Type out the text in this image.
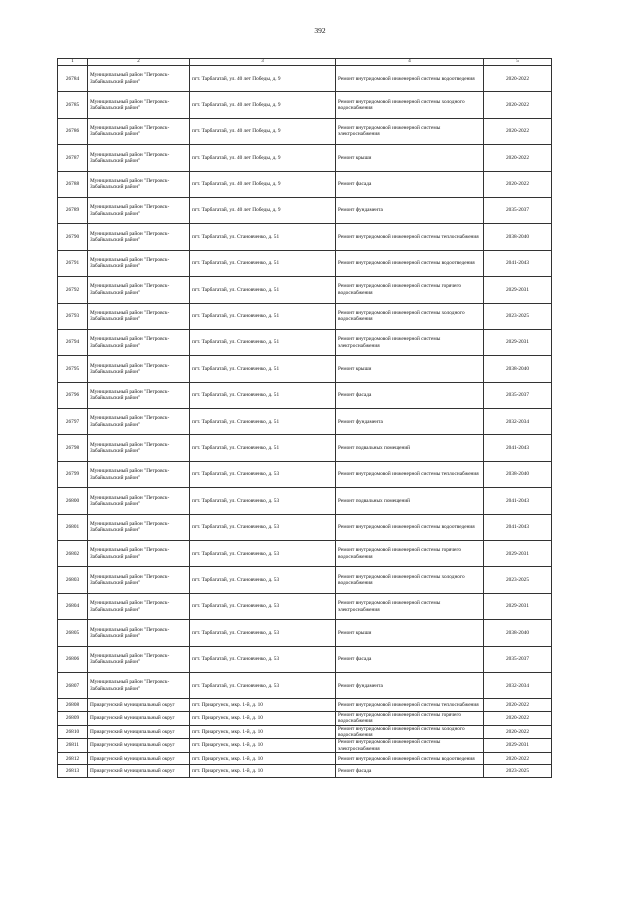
392
1	2	3	4	5
26784	Муниципальный район "Петровск-Забайкальский район"	пгт. Тарбагатай, ул. 40 лет Победы, д. 9	Ремонт внутридомовой инженерной системы водоотведения	2020-2022
26785	Муниципальный район "Петровск-Забайкальский район"	пгт. Тарбагатай, ул. 40 лет Победы, д. 9	Ремонт внутридомовой инженерной системы холодного водоснабжения	2020-2022
26786	Муниципальный район "Петровск-Забайкальский район"	пгт. Тарбагатай, ул. 40 лет Победы, д. 9	Ремонт внутридомовой инженерной системы электроснабжения	2020-2022
26787	Муниципальный район "Петровск-Забайкальский район"	пгт. Тарбагатай, ул. 40 лет Победы, д. 9	Ремонт крыши	2020-2022
26788	Муниципальный район "Петровск-Забайкальский район"	пгт. Тарбагатай, ул. 40 лет Победы, д. 9	Ремонт фасада	2020-2022
26789	Муниципальный район "Петровск-Забайкальский район"	пгт. Тарбагатай, ул. 40 лет Победы, д. 9	Ремонт фундамента	2035-2037
26790	Муниципальный район "Петровск-Забайкальский район"	пгт. Тарбагатай, ул. Становченко, д. 51	Ремонт внутридомовой инженерной системы теплоснабжения	2038-2040
26791	Муниципальный район "Петровск-Забайкальский район"	пгт. Тарбагатай, ул. Становченко, д. 51	Ремонт внутридомовой инженерной системы водоотведения	2041-2043
26792	Муниципальный район "Петровск-Забайкальский район"	пгт. Тарбагатай, ул. Становченко, д. 51	Ремонт внутридомовой инженерной системы горячего водоснабжения	2029-2031
26793	Муниципальный район "Петровск-Забайкальский район"	пгт. Тарбагатай, ул. Становченко, д. 51	Ремонт внутридомовой инженерной системы холодного водоснабжения	2023-2025
26794	Муниципальный район "Петровск-Забайкальский район"	пгт. Тарбагатай, ул. Становченко, д. 51	Ремонт внутридомовой инженерной системы электроснабжения	2029-2031
26795	Муниципальный район "Петровск-Забайкальский район"	пгт. Тарбагатай, ул. Становченко, д. 51	Ремонт крыши	2038-2040
26796	Муниципальный район "Петровск-Забайкальский район"	пгт. Тарбагатай, ул. Становченко, д. 51	Ремонт фасада	2035-2037
26797	Муниципальный район "Петровск-Забайкальский район"	пгт. Тарбагатай, ул. Становченко, д. 51	Ремонт фундамента	2032-2034
26798	Муниципальный район "Петровск-Забайкальский район"	пгт. Тарбагатай, ул. Становченко, д. 51	Ремонт подвальных помещений	2041-2043
26799	Муниципальный район "Петровск-Забайкальский район"	пгт. Тарбагатай, ул. Становченко, д. 53	Ремонт внутридомовой инженерной системы теплоснабжения	2038-2040
26800	Муниципальный район "Петровск-Забайкальский район"	пгт. Тарбагатай, ул. Становченко, д. 53	Ремонт подвальных помещений	2041-2043
26801	Муниципальный район "Петровск-Забайкальский район"	пгт. Тарбагатай, ул. Становченко, д. 53	Ремонт внутридомовой инженерной системы водоотведения	2041-2043
26802	Муниципальный район "Петровск-Забайкальский район"	пгт. Тарбагатай, ул. Становченко, д. 53	Ремонт внутридомовой инженерной системы горячего водоснабжения	2029-2031
26803	Муниципальный район "Петровск-Забайкальский район"	пгт. Тарбагатай, ул. Становченко, д. 53	Ремонт внутридомовой инженерной системы холодного водоснабжения	2023-2025
26804	Муниципальный район "Петровск-Забайкальский район"	пгт. Тарбагатай, ул. Становченко, д. 53	Ремонт внутридомовой инженерной системы электроснабжения	2029-2031
26805	Муниципальный район "Петровск-Забайкальский район"	пгт. Тарбагатай, ул. Становченко, д. 53	Ремонт крыши	2038-2040
26806	Муниципальный район "Петровск-Забайкальский район"	пгт. Тарбагатай, ул. Становченко, д. 53	Ремонт фасада	2035-2037
26807	Муниципальный район "Петровск-Забайкальский район"	пгт. Тарбагатай, ул. Становченко, д. 53	Ремонт фундамента	2032-2034
26808	Приаргунский муниципальный округ	пгт. Приаргунск, мкр. 1-й, д. 10	Ремонт внутридомовой инженерной системы теплоснабжения	2020-2022
26809	Приаргунский муниципальный округ	пгт. Приаргунск, мкр. 1-й, д. 10	Ремонт внутридомовой инженерной системы горячего водоснабжения	2020-2022
26810	Приаргунский муниципальный округ	пгт. Приаргунск, мкр. 1-й, д. 10	Ремонт внутридомовой инженерной системы холодного водоснабжения	2020-2022
26811	Приаргунский муниципальный округ	пгт. Приаргунск, мкр. 1-й, д. 10	Ремонт внутридомовой инженерной системы электроснабжения	2029-2031
26812	Приаргунский муниципальный округ	пгт. Приаргунск, мкр. 1-й, д. 10	Ремонт внутридомовой инженерной системы водоотведения	2020-2022
26813	Приаргунский муниципальный округ	пгт. Приаргунск, мкр. 1-й, д. 10	Ремонт фасада	2023-2025
